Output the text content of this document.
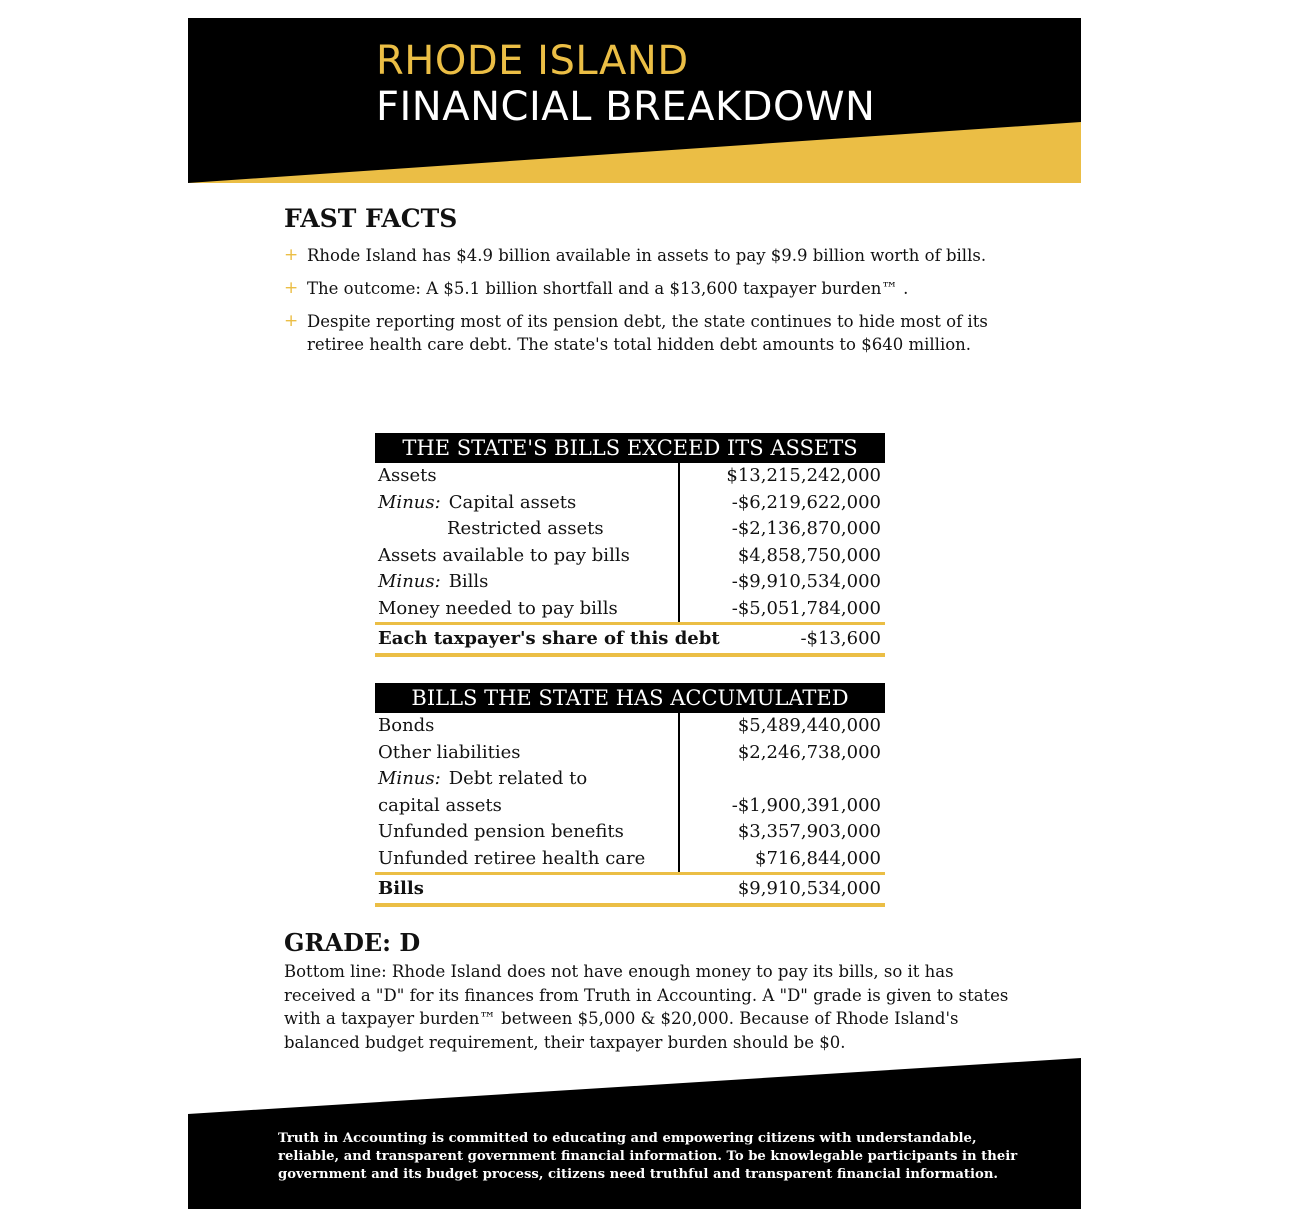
RHODE ISLAND
FINANCIAL BREAKDOWN
FAST FACTS
+ Rhode Island has $4.9 billion available in assets to pay $9.9 billion worth of bills.
+ The outcome: A $5.1 billion shortfall and a $13,600 taxpayer burden™ .
+ Despite reporting most of its pension debt, the state continues to hide most of its retiree health care debt. The state's total hidden debt amounts to $640 million.
THE STATE'S BILLS EXCEED ITS ASSETS
Assets	$13,215,242,000
Minus: Capital assets	-$6,219,622,000
Restricted assets	-$2,136,870,000
Assets available to pay bills	$4,858,750,000
Minus: Bills	-$9,910,534,000
Money needed to pay bills	-$5,051,784,000
Each taxpayer's share of this debt	-$13,600
BILLS THE STATE HAS ACCUMULATED
Bonds	$5,489,440,000
Other liabilities	$2,246,738,000
Minus: Debt related to
capital assets	-$1,900,391,000
Unfunded pension benefits	$3,357,903,000
Unfunded retiree health care	$716,844,000
Bills	$9,910,534,000
GRADE: D
Bottom line: Rhode Island does not have enough money to pay its bills, so it has received a "D" for its finances from Truth in Accounting. A "D" grade is given to states with a taxpayer burden™ between $5,000 & $20,000. Because of Rhode Island's balanced budget requirement, their taxpayer burden should be $0.
Truth in Accounting is committed to educating and empowering citizens with understandable, reliable, and transparent government financial information. To be knowlegable participants in their government and its budget process, citizens need truthful and transparent financial information.
